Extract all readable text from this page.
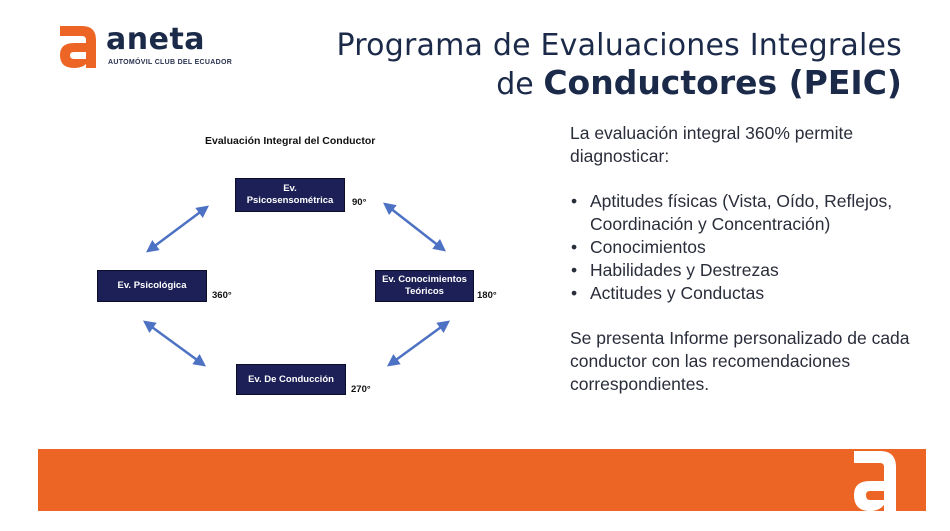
aneta
AUTOMÓVIL CLUB DEL ECUADOR	Programa de Evaluaciones Integrales
de Conductores (PEIC)
Evaluación Integral del Conductor
Ev.
Psicosensométrica 90°
Ev. Conocimientos
Teóricos	180°
Ev. De Conducción
270°
Ev. Psicológica
360°

La evaluación integral 360% permite diagnosticar:

• Aptitudes físicas (Vista, Oído, Reflejos, Coordinación y Concentración)
• Conocimientos
• Habilidades y Destrezas
• Actitudes y Conductas

Se presenta Informe personalizado de cada conductor con las recomendaciones correspondientes.
